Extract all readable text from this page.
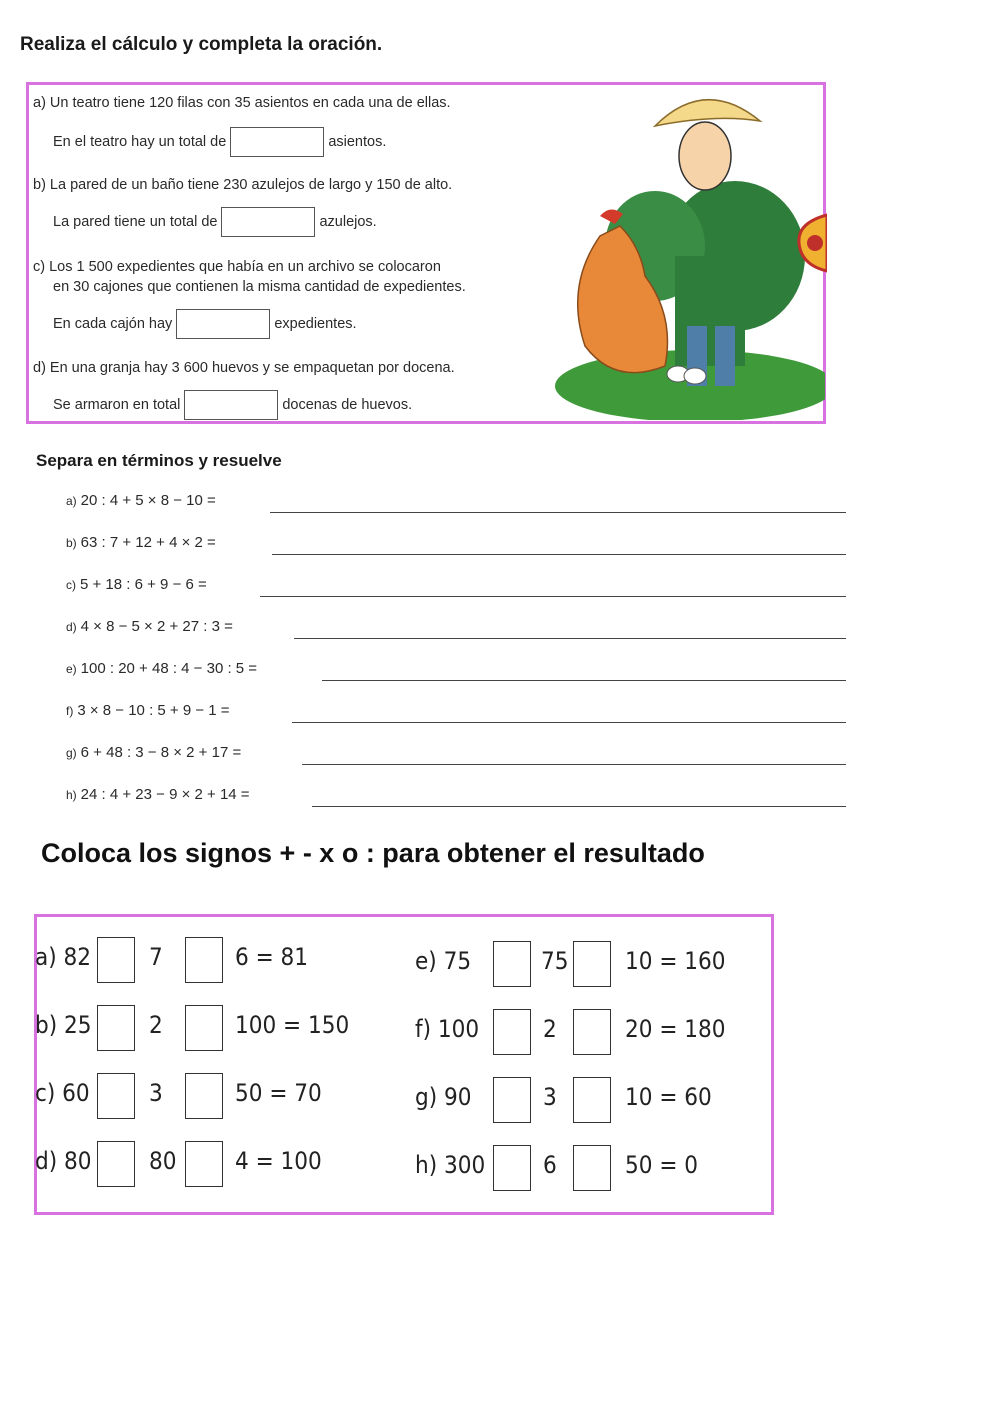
Realiza el cálculo y completa la oración.
a) Un teatro tiene 120 filas con 35 asientos en cada una de ellas.
En el teatro hay un total de	asientos.
b) La pared de un baño tiene 230 azulejos de largo y 150 de alto.
La pared tiene un total de	azulejos.
c) Los 1 500 expedientes que había en un archivo se colocaron
en 30 cajones que contienen la misma cantidad de expedientes.
En cada cajón hay	expedientes.
d) En una granja hay 3 600 huevos y se empaquetan por docena.
Se armaron en total	docenas de huevos.
Separa en términos y resuelve
a) 20 : 4 + 5 × 8 − 10 =
b) 63 : 7 + 12 + 4 × 2 =
c) 5 + 18 : 6 + 9 − 6 =
d) 4 × 8 − 5 × 2 + 27 : 3 =
e) 100 : 20 + 48 : 4 − 30 : 5 =
f) 3 × 8 − 10 : 5 + 9 − 1 =
g) 6 + 48 : 3 − 8 × 2 + 17 =
h) 24 : 4 + 23 − 9 × 2 + 14 =
Coloca los signos + - x o : para obtener el resultado
a) 82 7	6 = 81
b) 25 2	100 = 150
c) 60 3	50 = 70
d) 80 80 4 = 100
e) 75	75 10 = 160
f) 100	2	20 = 180
g) 90	3	10 = 60
h) 300 6	50 = 0
